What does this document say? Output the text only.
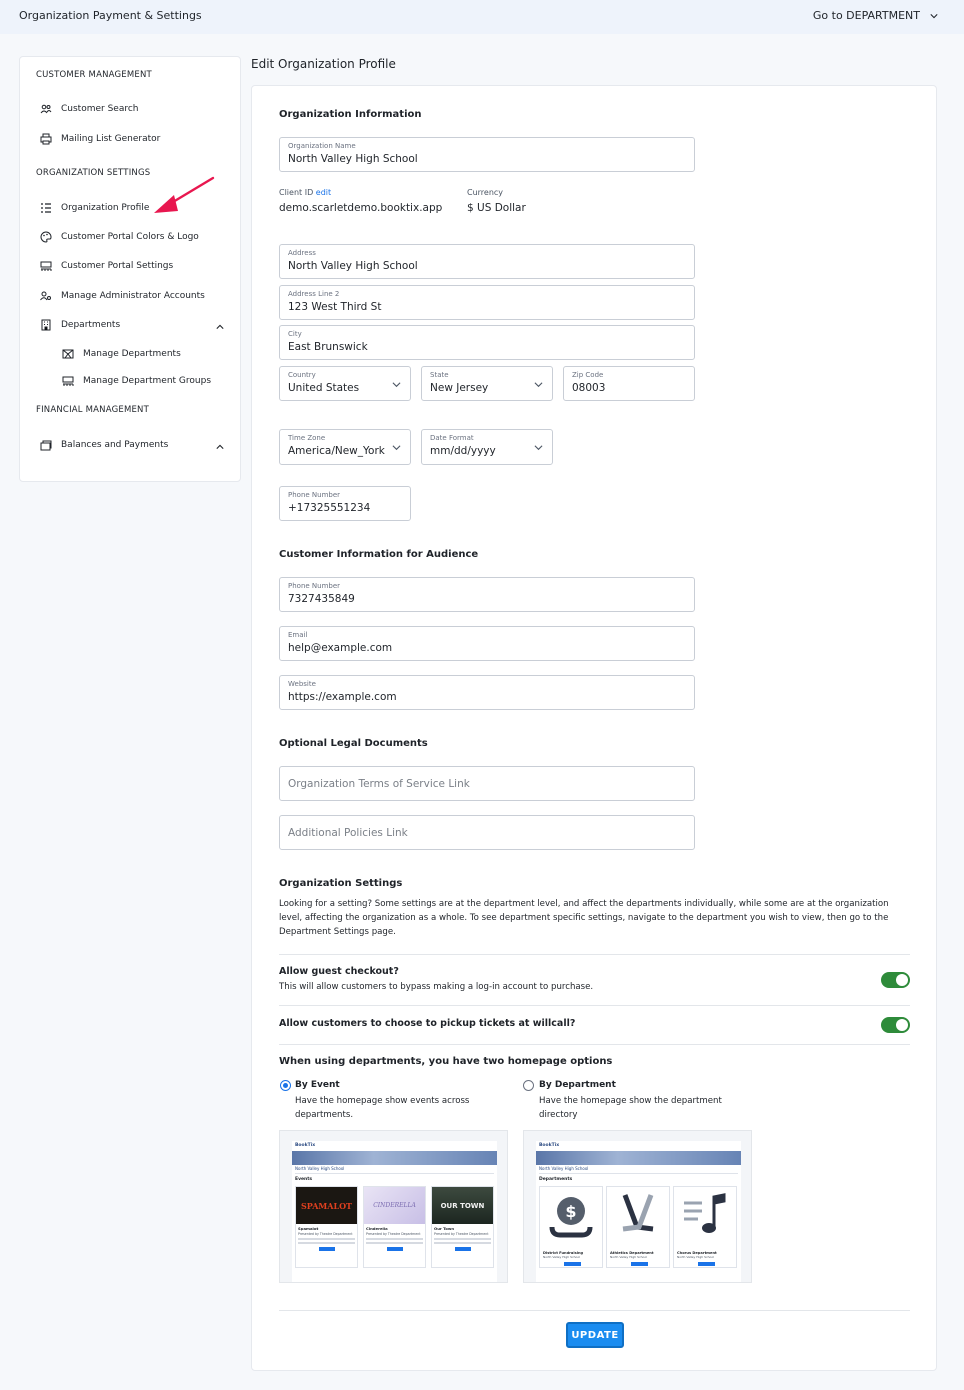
Organization Payment & Settings	Go to DEPARTMENT
CUSTOMER MANAGEMENT
Customer Search
Mailing List Generator
ORGANIZATION SETTINGS
Organization Profile
Customer Portal Colors & Logo
Customer Portal Settings
Manage Administrator Accounts
Departments
Manage Departments
Manage Department Groups
FINANCIAL MANAGEMENT
Balances and Payments
Edit Organization Profile
Organization Information
Organization Name
North Valley High School
Client ID edit
demo.scarletdemo.booktix.app
Currency
$ US Dollar
Address
North Valley High School
Address Line 2
123 West Third St
City
East Brunswick
Country
United States
State
New Jersey
Zip Code
08003
Time Zone
America/New_York
Date Format
mm/dd/yyyy
Phone Number
+17325551234
Customer Information for Audience
Phone Number
7327435849
Email
help@example.com
Website
https://example.com
Optional Legal Documents
Organization Terms of Service Link
Additional Policies Link
Organization Settings
Looking for a setting? Some settings are at the department level, and affect the departments individually, while some are at the organization level, affecting the organization as a whole. To see department specific settings, navigate to the department you wish to view, then go to the Department Settings page.
Allow guest checkout?
This will allow customers to bypass making a log-in account to purchase.
Allow customers to choose to pickup tickets at willcall?
When using departments, you have two homepage options
By Event
Have the homepage show events across
departments.
By Department
Have the homepage show the department
directory
BookTix
North Valley High School
Events
SPAMALOT
Spamalot
Presented by Theatre Department
CINDERELLA
Cinderella
Presented by Theatre Department
OUR TOWN
Our Town
Presented by Theatre Department
BookTix
North Valley High School
Departments
$
District Fundraising
North Valley High School
Athletics Department
North Valley High School
Chorus Department
North Valley High School
UPDATE
